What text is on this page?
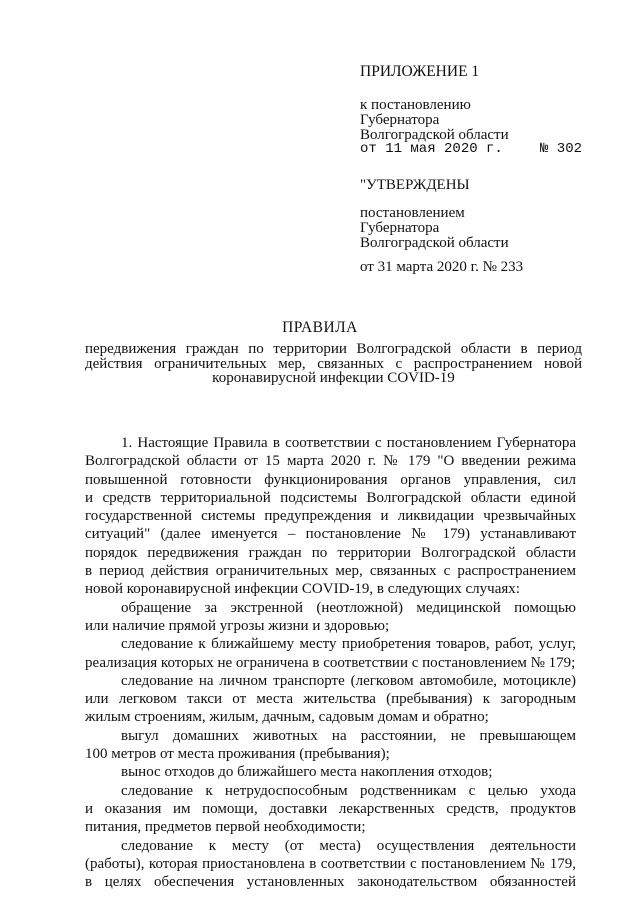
ПРИЛОЖЕНИЕ 1
к постановлению
Губернатора
Волгоградской области
от 11 мая 2020 г.	№ 302
"УТВЕРЖДЕНЫ
постановлением
Губернатора
Волгоградской области
от 31 марта 2020 г. № 233
ПРАВИЛА
передвижения граждан по территории Волгоградской области в период
действия ограничительных мер, связанных с распространением новой
коронавирусной инфекции COVID-19
1. Настоящие Правила в соответствии с постановлением Губернатора
Волгоградской области от 15 марта 2020 г. № 179 "О введении режима
повышенной готовности функционирования органов управления, сил
и средств территориальной подсистемы Волгоградской области единой
государственной системы предупреждения и ликвидации чрезвычайных
ситуаций" (далее именуется – постановление № 179) устанавливают
порядок передвижения граждан по территории Волгоградской области
в период действия ограничительных мер, связанных с распространением
новой коронавирусной инфекции COVID-19, в следующих случаях:
обращение за экстренной (неотложной) медицинской помощью
или наличие прямой угрозы жизни и здоровью;
следование к ближайшему месту приобретения товаров, работ, услуг,
реализация которых не ограничена в соответствии с постановлением № 179;
следование на личном транспорте (легковом автомобиле, мотоцикле)
или легковом такси от места жительства (пребывания) к загородным
жилым строениям, жилым, дачным, садовым домам и обратно;
выгул домашних животных на расстоянии, не превышающем
100 метров от места проживания (пребывания);
вынос отходов до ближайшего места накопления отходов;
следование к нетрудоспособным родственникам с целью ухода
и оказания им помощи, доставки лекарственных средств, продуктов
питания, предметов первой необходимости;
следование к месту (от места) осуществления деятельности
(работы), которая приостановлена в соответствии с постановлением № 179,
в целях обеспечения установленных законодательством обязанностей
